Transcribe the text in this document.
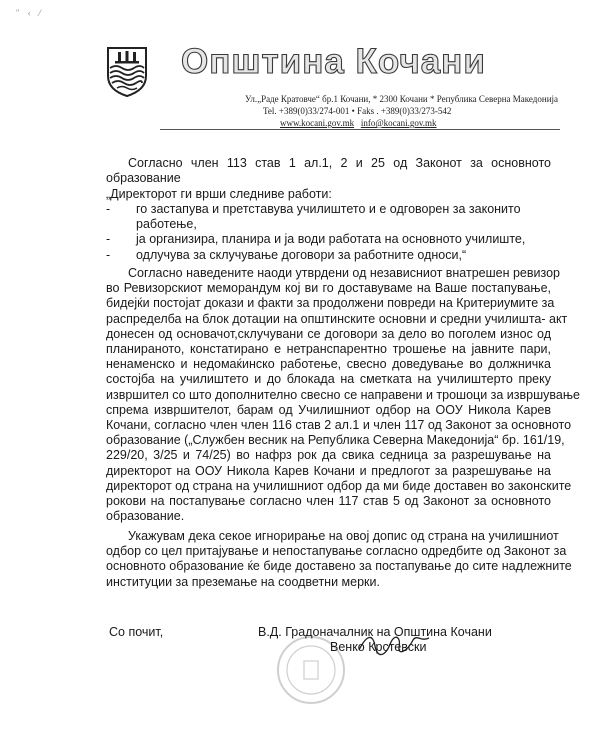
" ‹ ⁄
Општина Кочани
Ул.„Раде Кратовче“ бр.1 Кочани, * 2300 Кочани * Република Северна Македонија
Tel. +389(0)33/274-001 • Faks . +389(0)33/273-542
www.kocani.gov.mk info@kocani.gov.mk
Согласно член 113 став 1 ал.1, 2 и 25 од Законот за основното
образование
„Директорот ги врши следниве работи:
-	го застапува и претставува училиштето и е одговорен за законито
работење,
-	ја организира, планира и ја води работата на основното училиште,
-	одлучува за склучување договори за работните односи,“
Согласно наведените наоди утврдени од независниот внатрешен ревизор
во Ревизорскиот меморандум кој ви го доставуваме на Ваше постапување,
бидејќи постојат докази и факти за продолжени повреди на Критериумите за
распределба на блок дотации на општинските основни и средни училишта- акт
донесен од основачот,склучувани се договори за дело во поголем износ од
планираното, констатирано е нетранспарентно трошење на јавните пари,
ненаменско и недомаќинско работење, свесно доведување во должничка
состојба на училиштето и до блокада на сметката на училиштерто преку
извршител со што дополнително свесно се направени и трошоци за извршување
спрема извршителот, барам од Училишниот одбор на ООУ Никола Карев
Кочани, согласно член член 116 став 2 ал.1 и член 117 од Законот за основното
образование („Службен весник на Република Северна Македонија“ бр. 161/19,
229/20, 3/25 и 74/25) во нафрз рок да свика седница за разрешување на
директорот на ООУ Никола Карев Кочани и предлогот за разрешување на
директорот од страна на училишниот одбор да ми биде доставен во законските
рокови на постапување согласно член 117 став 5 од Законот за основното
образование.
Укажувам дека секое игнорирање на овој допис од страна на училишниот
одбор со цел притајување и непостапување согласно одредбите од Законот за
основното образование ќе биде доставено за постапување до сите надлежните
институции за преземање на соодветни мерки.
Со почит,	В.Д. Градоначалник на Општина Кочани
Венко Крстевски
